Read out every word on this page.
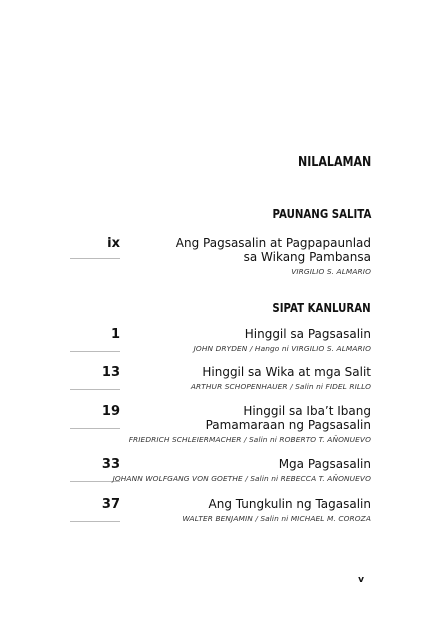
NILALAMAN
PAUNANG SALITA
ix	Ang Pagsasalin at Pagpapaunlad sa Wikang Pambansa
VIRGILIO S. ALMARIO
SIPAT KANLURAN
1	Hinggil sa Pagsasalin
JOHN DRYDEN / Hango ni VIRGILIO S. ALMARIO
13	Hinggil sa Wika at mga Salit
ARTHUR SCHOPENHAUER / Salin ni FIDEL RILLO
19	Hinggil sa Iba’t Ibang Pamamaraan ng Pagsasalin
FRIEDRICH SCHLEIERMACHER / Salin ni ROBERTO T. AÑONUEVO
33	Mga Pagsasalin
JOHANN WOLFGANG VON GOETHE / Salin ni REBECCA T. AÑONUEVO
37	Ang Tungkulin ng Tagasalin
WALTER BENJAMIN / Salin ni MICHAEL M. COROZA
v
